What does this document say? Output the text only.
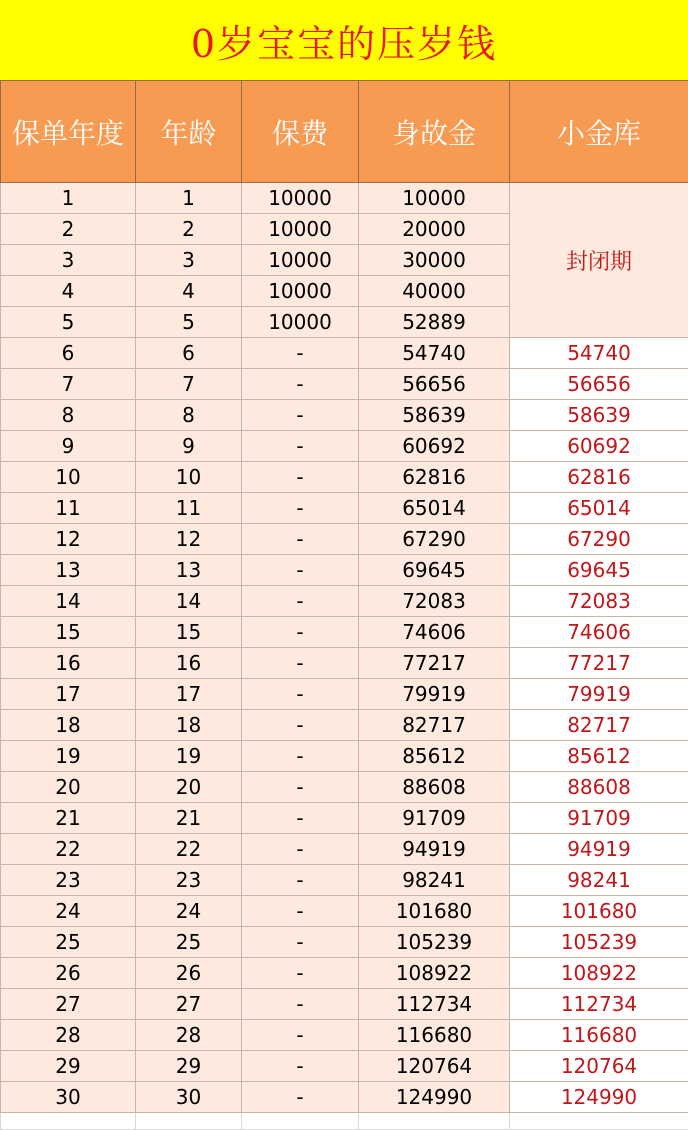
0岁宝宝的压岁钱
保单年度	年龄	保费	身故金	小金库
1	1	10000	10000	封闭期
2	2	10000	20000	
3	3	10000	30000	
4	4	10000	40000	
5	5	10000	52889	
6	6	-	54740	54740
7	7	-	56656	56656
8	8	-	58639	58639
9	9	-	60692	60692
10	10	-	62816	62816
11	11	-	65014	65014
12	12	-	67290	67290
13	13	-	69645	69645
14	14	-	72083	72083
15	15	-	74606	74606
16	16	-	77217	77217
17	17	-	79919	79919
18	18	-	82717	82717
19	19	-	85612	85612
20	20	-	88608	88608
21	21	-	91709	91709
22	22	-	94919	94919
23	23	-	98241	98241
24	24	-	101680	101680
25	25	-	105239	105239
26	26	-	108922	108922
27	27	-	112734	112734
28	28	-	116680	116680
29	29	-	120764	120764
30	30	-	124990	124990
